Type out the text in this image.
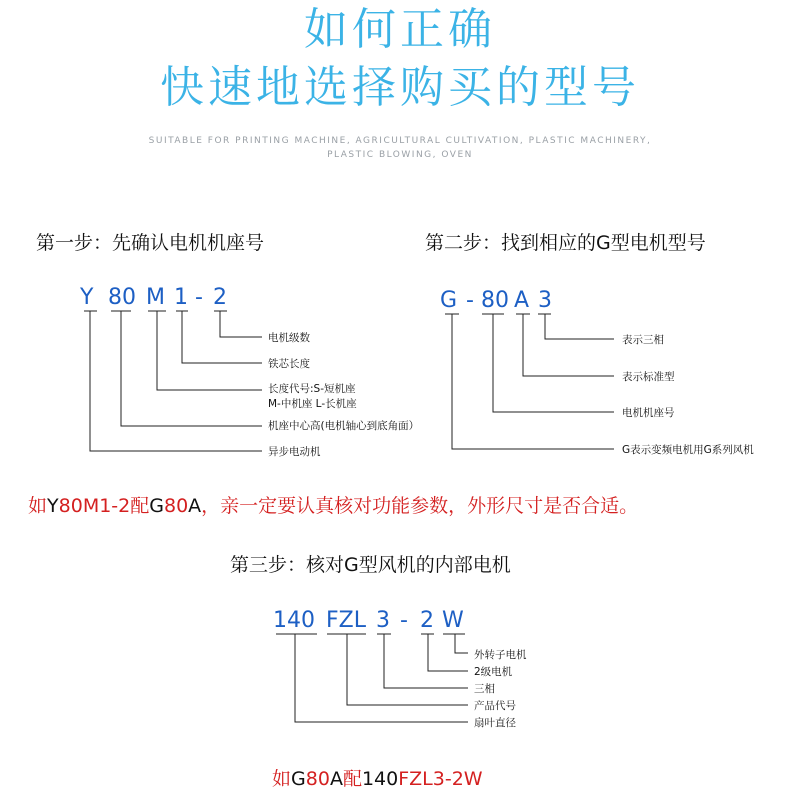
如何正确
快速地选择购买的型号
SUITABLE FOR PRINTING MACHINE, AGRICULTURAL CULTIVATION, PLASTIC MACHINERY,
PLASTIC BLOWING, OVEN
第一步：先确认电机机座号
Y 80 M 1 - 2
电机级数
铁芯长度
长度代号:S-短机座
M-中机座 L-长机座
机座中心高(电机轴心到底角面）
异步电动机
第二步：找到相应的G型电机型号
G - 80 A 3
表示三相
表示标准型
电机机座号
G表示变频电机用G系列风机
如Y80M1-2配G80A，亲一定要认真核对功能参数，外形尺寸是否合适。
第三步：核对G型风机的内部电机
140 FZL 3 - 2 W
外转子电机
2级电机
三相
产品代号
扇叶直径
如G80A配140FZL3-2W
